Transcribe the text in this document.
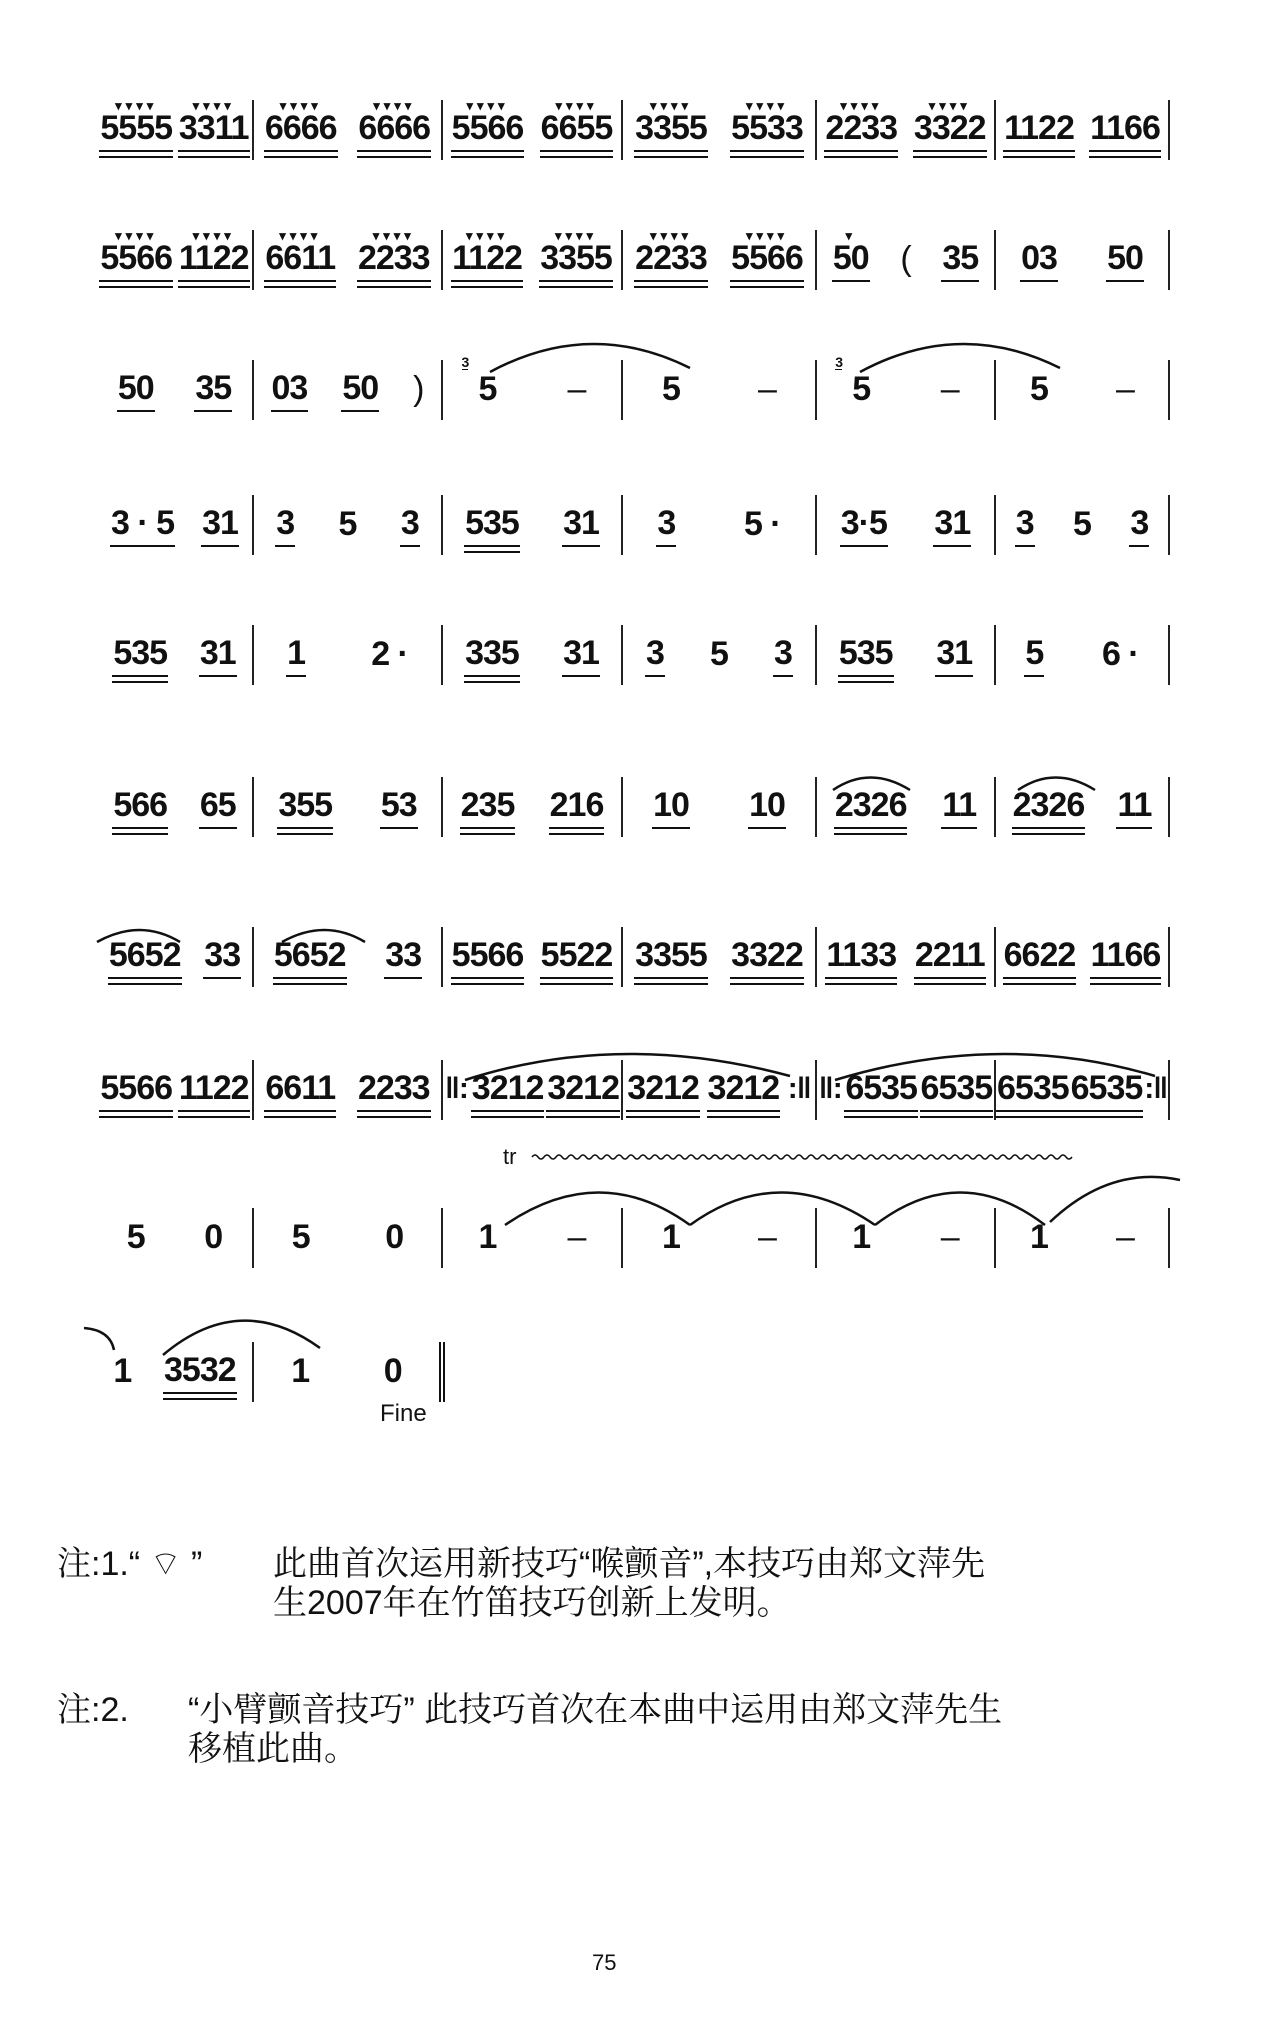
5555
▾▾▾▾
3311
▾▾▾▾
6666
▾▾▾▾
6666
▾▾▾▾
5566
▾▾▾▾
6655
▾▾▾▾
3355
▾▾▾▾
5533
▾▾▾▾
2233
▾▾▾▾
3322
▾▾▾▾
1122 1166
5566
▾▾▾▾
1122
▾▾▾▾
6611
▾▾▾▾
2233
▾▾▾▾
1122
▾▾▾▾
3355
▾▾▾▾
2233
▾▾▾▾
5566
▾▾▾▾
50
▾
( 35 03 50
50 35 03 50 ) 5
3
– 5 – 5
3
– 5 –
3 · 5 31 3 5 3 535 31 3 5 · 3·5 31 3 5 3
535 31 1 2 · 335 31 3 5 3 535 31 5 6 ·
566 65 355 53 235 216 10 10 2326 11 2326 11
5652 33 5652 33 5566 5522 3355 3322 1133 2211 6622 1166
5566 1122 6611 2233 ‖: 3212 3212 3212 3212 :‖ ‖: 6535 6535 6535 6535 :‖
5 0 5 0 1 – 1 – 1 – 1 –
1 3532 1 0
tr
Fine
注:1.“ ⌔ ” 此曲首次运用新技巧“喉颤音”,本技巧由郑文萍先
生2007年在竹笛技巧创新上发明。
注:2. “小臂颤音技巧” 此技巧首次在本曲中运用由郑文萍先生
移植此曲。
75
